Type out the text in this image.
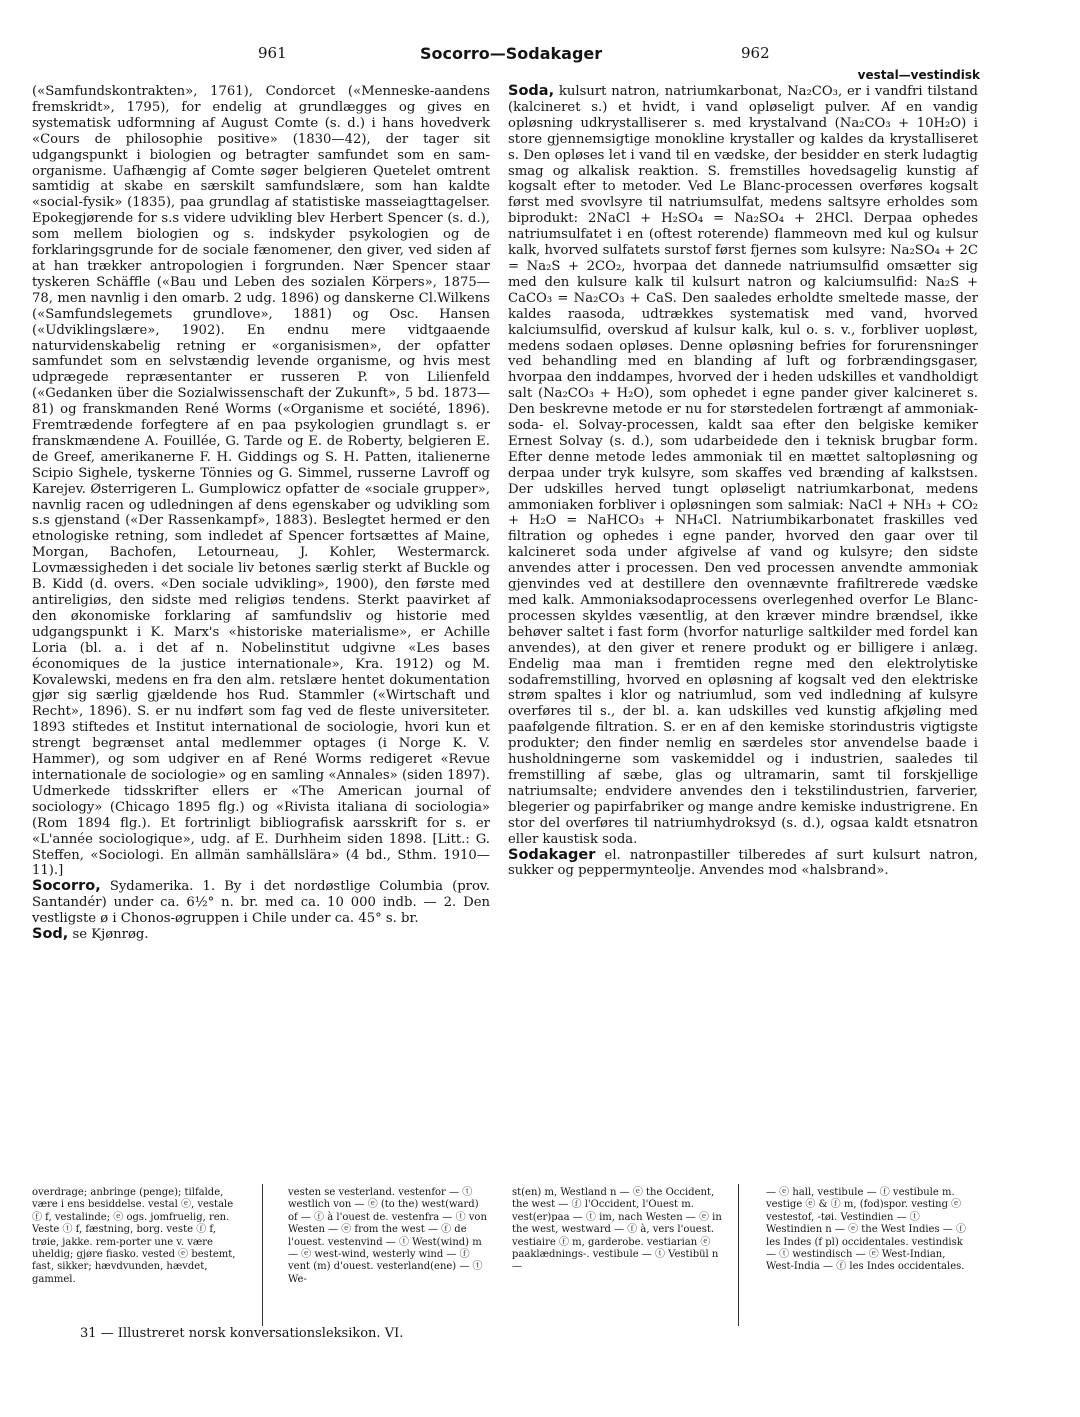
961	Socorro—Sodakager	962
vestal—vestindisk

(«Samfundskontrakten», 1761), Condorcet («Menneske-aandens fremskridt», 1795), for endelig at grundlægges og gives en systematisk udformning af August Comte (s. d.) i hans hovedverk «Cours de philosophie positive» (1830—42), der tager sit udgangspunkt i biologien og betragter samfundet som en sam-organisme. Uafhængig af Comte søger belgieren Quetelet omtrent samtidig at skabe en særskilt samfundslære, som han kaldte «social-fysik» (1835), paa grundlag af statistiske masseiagttagelser. Epokegjørende for s.s videre udvikling blev Herbert Spencer (s. d.), som mellem biologien og s. indskyder psykologien og de forklaringsgrunde for de sociale fænomener, den giver, ved siden af at han trækker antropologien i forgrunden. Nær Spencer staar tyskeren Schäffle («Bau und Leben des sozialen Körpers», 1875—78, men navnlig i den omarb. 2 udg. 1896) og danskerne Cl.Wilkens («Samfundslegemets grundlove», 1881) og Osc. Hansen («Udviklingslære», 1902). En endnu mere vidtgaaende naturvidenskabelig retning er «organisismen», der opfatter samfundet som en selvstændig levende organisme, og hvis mest udprægede repræsentanter er russeren P. von Lilienfeld («Gedanken über die Sozialwissenschaft der Zukunft», 5 bd. 1873—81) og franskmanden René Worms («Organisme et société, 1896). Fremtrædende forfegtere af en paa psykologien grundlagt s. er franskmændene A. Fouillée, G. Tarde og E. de Roberty, belgieren E. de Greef, amerikanerne F. H. Giddings og S. H. Patten, italienerne Scipio Sighele, tyskerne Tönnies og G. Simmel, russerne Lavroff og Karejev. Østerrigeren L. Gumplowicz opfatter de «sociale grupper», navnlig racen og udledningen af dens egenskaber og udvikling som s.s gjenstand («Der Rassenkampf», 1883). Beslegtet hermed er den etnologiske retning, som indledet af Spencer fortsættes af Maine, Morgan, Bachofen, Letourneau, J. Kohler, Westermarck. Lovmæssigheden i det sociale liv betones særlig sterkt af Buckle og B. Kidd (d. overs. «Den sociale udvikling», 1900), den første med antireligiøs, den sidste med religiøs tendens. Sterkt paavirket af den økonomiske forklaring af samfundsliv og historie med udgangspunkt i K. Marx's «historiske materialisme», er Achille Loria (bl. a. i det af n. Nobelinstitut udgivne «Les bases économiques de la justice internationale», Kra. 1912) og M. Kovalewski, medens en fra den alm. retslære hentet dokumentation gjør sig særlig gjældende hos Rud. Stammler («Wirtschaft und Recht», 1896). S. er nu indført som fag ved de fleste universiteter. 1893 stiftedes et Institut international de sociologie, hvori kun et strengt begrænset antal medlemmer optages (i Norge K. V. Hammer), og som udgiver en af René Worms redigeret «Revue internationale de sociologie» og en samling «Annales» (siden 1897). Udmerkede tidsskrifter ellers er «The American journal of sociology» (Chicago 1895 flg.) og «Rivista italiana di sociologia» (Rom 1894 flg.). Et fortrinligt bibliografisk aarsskrift for s. er «L'année sociologique», udg. af E. Durhheim siden 1898. [Litt.: G. Steffen, «Sociologi. En allmän samhällslära» (4 bd., Sthm. 1910—11).]

Socorro, Sydamerika. 1. By i det nordøstlige Columbia (prov. Santandér) under ca. 6½° n. br. med ca. 10 000 indb. — 2. Den vestligste ø i Chonos-øgruppen i Chile under ca. 45° s. br.

Sod, se Kjønrøg.

Soda, kulsurt natron, natriumkarbonat, Na₂CO₃, er i vandfri tilstand (kalcineret s.) et hvidt, i vand opløseligt pulver. Af en vandig opløsning udkrystalliserer s. med krystalvand (Na₂CO₃ + 10H₂O) i store gjennemsigtige monokline krystaller og kaldes da krystalliseret s. Den opløses let i vand til en vædske, der besidder en sterk ludagtig smag og alkalisk reaktion. S. fremstilles hovedsagelig kunstig af kogsalt efter to metoder. Ved Le Blanc-processen overføres kogsalt først med svovlsyre til natriumsulfat, medens saltsyre erholdes som biprodukt: 2NaCl + H₂SO₄ = Na₂SO₄ + 2HCl. Derpaa ophedes natriumsulfatet i en (oftest roterende) flammeovn med kul og kulsur kalk, hvorved sulfatets surstof først fjernes som kulsyre: Na₂SO₄ + 2C = Na₂S + 2CO₂, hvorpaa det dannede natriumsulfid omsætter sig med den kulsure kalk til kulsurt natron og kalciumsulfid: Na₂S + CaCO₃ = Na₂CO₃ + CaS. Den saaledes erholdte smeltede masse, der kaldes raasoda, udtrækkes systematisk med vand, hvorved kalciumsulfid, overskud af kulsur kalk, kul o. s. v., forbliver uopløst, medens sodaen opløses. Denne opløsning befries for forurensninger ved behandling med en blanding af luft og forbrændingsgaser, hvorpaa den inddampes, hvorved der i heden udskilles et vandholdigt salt (Na₂CO₃ + H₂O), som ophedet i egne pander giver kalcineret s. Den beskrevne metode er nu for størstedelen fortrængt af ammoniak-soda- el. Solvay-processen, kaldt saa efter den belgiske kemiker Ernest Solvay (s. d.), som udarbeidede den i teknisk brugbar form. Efter denne metode ledes ammoniak til en mættet saltopløsning og derpaa under tryk kulsyre, som skaffes ved brænding af kalkstsen. Der udskilles herved tungt opløseligt natriumkarbonat, medens ammoniaken forbliver i opløsningen som salmiak: NaCl + NH₃ + CO₂ + H₂O = NaHCO₃ + NH₄Cl. Natriumbikarbonatet fraskilles ved filtration og ophedes i egne pander, hvorved den gaar over til kalcineret soda under afgivelse af vand og kulsyre; den sidste anvendes atter i processen. Den ved processen anvendte ammoniak gjenvindes ved at destillere den ovennævnte frafiltrerede vædske med kalk. Ammoniaksodaprocessens overlegenhed overfor Le Blanc-processen skyldes væsentlig, at den kræver mindre brændsel, ikke behøver saltet i fast form (hvorfor naturlige saltkilder med fordel kan anvendes), at den giver et renere produkt og er billigere i anlæg. Endelig maa man i fremtiden regne med den elektrolytiske sodafremstilling, hvorved en opløsning af kogsalt ved den elektriske strøm spaltes i klor og natriumlud, som ved indledning af kulsyre overføres til s., der bl. a. kan udskilles ved kunstig afkjøling med paafølgende filtration. S. er en af den kemiske storindustris vigtigste produkter; den finder nemlig en særdeles stor anvendelse baade i husholdningerne som vaskemiddel og i industrien, saaledes til fremstilling af sæbe, glas og ultramarin, samt til forskjellige natriumsalte; endvidere anvendes den i tekstilindustrien, farverier, blegerier og papirfabriker og mange andre kemiske industrigrene. En stor del overføres til natriumhydroksyd (s. d.), ogsaa kaldt etsnatron eller kaustisk soda.

Sodakager el. natronpastiller tilberedes af surt kulsurt natron, sukker og peppermynteolje. Anvendes mod «halsbrand».

overdrage; anbringe (penge); tilfalde, være i ens besiddelse. vestal ⓔ, vestale ⓕ f, vestalinde; ⓔ ogs. jomfruelig, ren. Veste ⓣ f, fæstning, borg. veste ⓕ f, trøie, jakke. rem-porter une v. være uheldig; gjøre fiasko. vested ⓔ bestemt, fast, sikker; hævdvunden, hævdet, gammel.

vesten se vesterland. vestenfor — ⓣ westlich von — ⓔ (to the) west(ward) of — ⓕ à l'ouest de. vestenfra — ⓣ von Westen — ⓔ from the west — ⓕ de l'ouest. vestenvind — ⓣ West(wind) m — ⓔ west-wind, westerly wind — ⓕ vent (m) d'ouest. vesterland(ene) — ⓣ We-

st(en) m, Westland n — ⓔ the Occident, the west — ⓕ l'Occident, l'Ouest m. vest(er)paa — ⓣ im, nach Westen — ⓔ in the west, westward — ⓕ à, vers l'ouest. vestiaire ⓕ m, garderobe. vestiarian ⓔ paaklædnings-. vestibule — ⓣ Vestibül n —

— ⓔ hall, vestibule — ⓕ vestibule m. vestige ⓔ & ⓕ m, (fod)spor. vesting ⓔ vestestof, -tøi. Vestindien — ⓣ Westindien n — ⓔ the West Indies — ⓕ les Indes (f pl) occidentales. vestindisk — ⓣ westindisch — ⓔ West-Indian, West-India — ⓕ les Indes occidentales.

31 — Illustreret norsk konversationsleksikon. VI.
